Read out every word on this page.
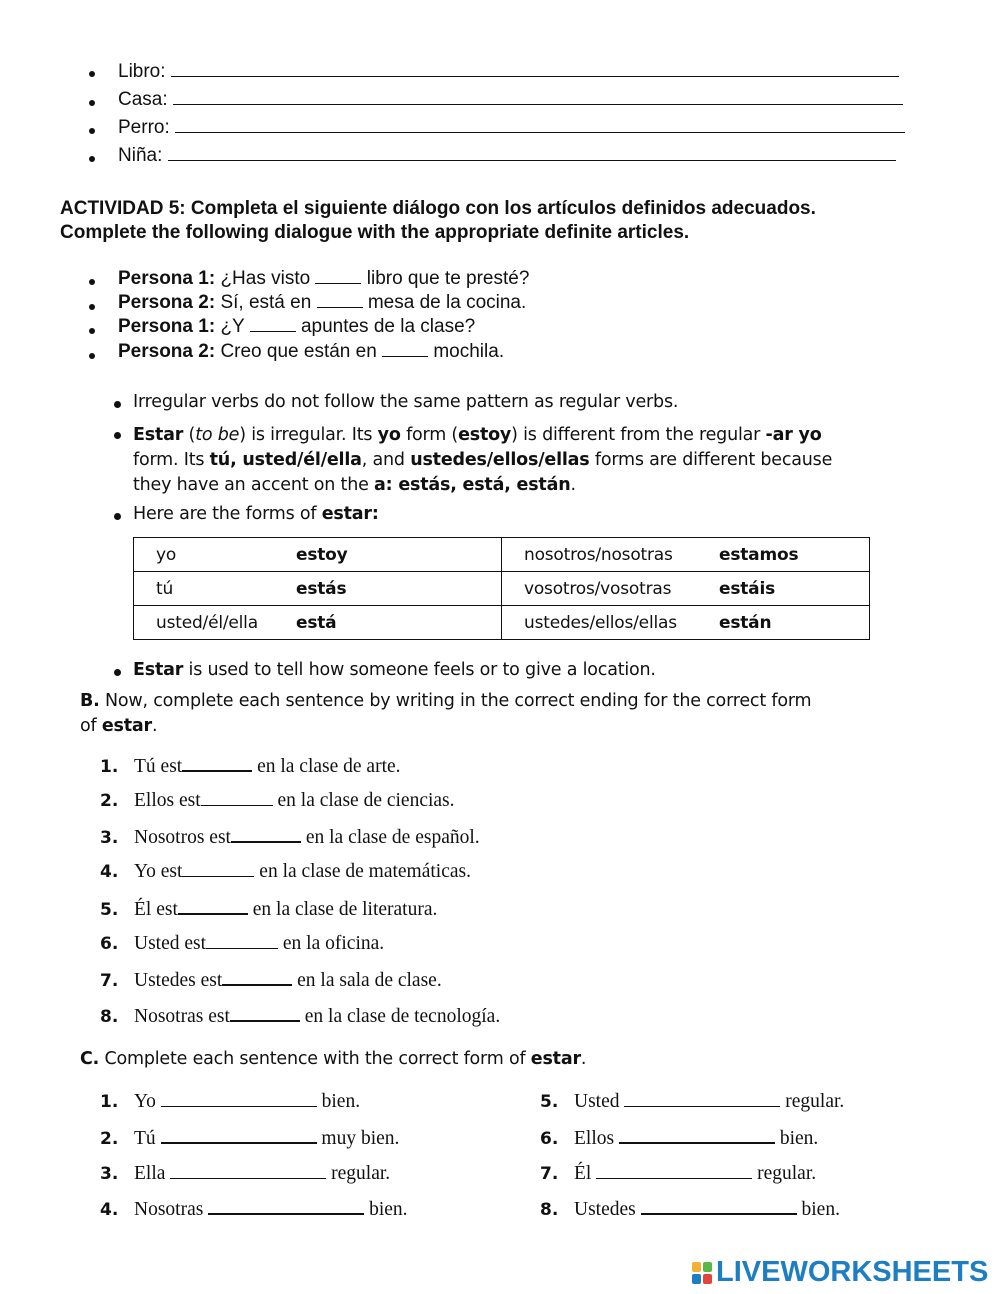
Libro:
Casa:
Perro:
Niña:
ACTIVIDAD 5: Completa el siguiente diálogo con los artículos definidos adecuados.
Complete the following dialogue with the appropriate definite articles.
Persona 1: ¿Has visto	libro que te presté?
Persona 2: Sí, está en	mesa de la cocina.
Persona 1: ¿Y	apuntes de la clase?
Persona 2: Creo que están en	mochila.
Irregular verbs do not follow the same pattern as regular verbs.
Estar (to be) is irregular. Its yo form (estoy) is different from the regular -ar yo
form. Its tú, usted/él/ella, and ustedes/ellos/ellas forms are different because
they have an accent on the a: estás, está, están.
Here are the forms of estar:
yo estoy	nosotros/nosotras estamos

tú estás	vosotros/vosotras estáis

usted/él/ella está	ustedes/ellos/ellas están
Estar is used to tell how someone feels or to give a location.
B. Now, complete each sentence by writing in the correct ending for the correct form
of estar.
1. Tú est	en la clase de arte.
2. Ellos est	en la clase de ciencias.
3. Nosotros est	en la clase de español.
4. Yo est	en la clase de matemáticas.
5. Él est	en la clase de literatura.
6. Usted est	en la oficina.
7. Ustedes est	en la sala de clase.
8. Nosotras est	en la clase de tecnología.
C. Complete each sentence with the correct form of estar.
1. Yo	bien.
2. Tú	muy bien.
3. Ella	regular.
4. Nosotras	bien.
5. Usted	regular.
6. Ellos	bien.
7. Él	regular.
8. Ustedes	bien.
LIVEWORKSHEETS
